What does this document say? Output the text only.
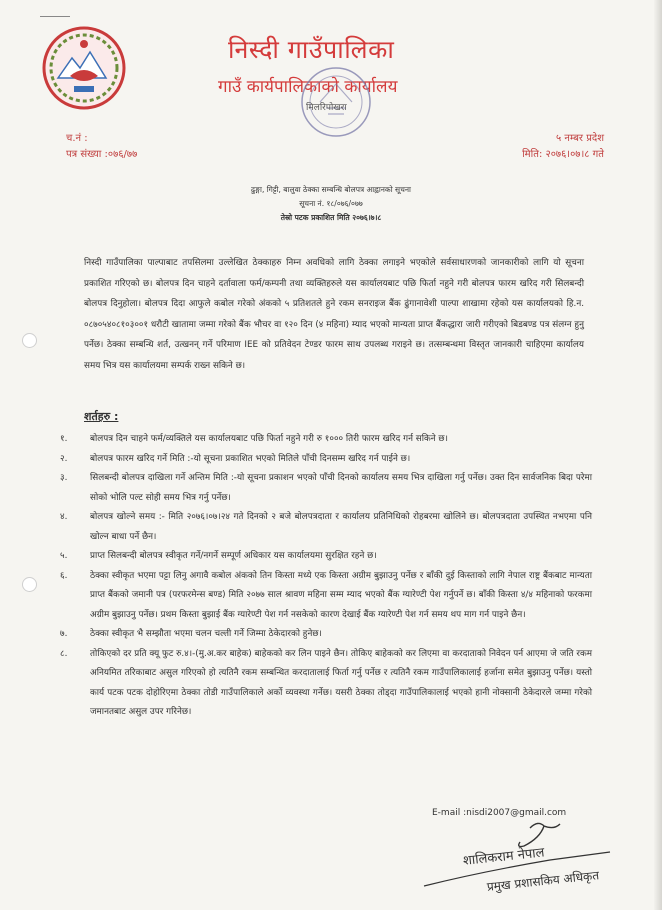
निस्दी गाउँपालिका
गाउँ कार्यपालिकाको कार्यालय
मिलरिपोखरा
च.नं :
पत्र संख्या :०७६/७७
५ नम्बर प्रदेश
मिति: २०७६।०७।८ गते
ढुङ्गा, गिट्टी, बालुवा ठेक्का सम्बन्धि बोलपत्र आह्वानको सूचना
सूचना नं. १८/०७६/०७७
तेस्रो पटक प्रकाशित मिति २०७६।७।८
निस्दी गाउँपालिका पाल्पाबाट तपसिलमा उल्लेखित ठेक्काहरु निम्न अवधिको लागि ठेक्का लगाइने भएकोले सर्वसाधारणको जानकारीको लागि यो सूचना प्रकाशित गरिएको छ। बोलपत्र दिन चाहने दर्तावाला फर्म/कम्पनी तथा व्यक्तिहरुले यस कार्यालयबाट पछि फिर्ता नहुने गरी बोलपत्र फारम खरिद गरी सिलबन्दी बोलपत्र दिनुहोला। बोलपत्र दिदा आफुले कबोल गरेको अंकको ५ प्रतिशतले हुने रकम सनराइज बैंक ढुंगानावेशी पाल्पा शाखामा रहेको यस कार्यालयको हि.न. ०८७०५४०८१०३००१ धरौटी खातामा जम्मा गरेको बैंक भौचर वा १२० दिन (४ महिना) म्याद भएको मान्यता प्राप्त बैंकद्धारा जारी गरीएको बिडबण्ड पत्र संलग्न हुनु पर्नेछ। ठेक्का सम्बन्धि शर्त, उत्खनन् गर्ने परिमाण IEE को प्रतिवेदन टेण्डर फारम साथ उपलब्ध गराइने छ। तत्सम्बन्धमा विस्तृत जानकारी चाहिएमा कार्यालय समय भित्र यस कार्यालयमा सम्पर्क राख्न सकिने छ।
शर्तहरु :
१.	बोलपत्र दिन चाहने फर्म/व्यक्तिले यस कार्यालयबाट पछि फिर्ता नहुने गरी रु १००० तिरी फारम खरिद गर्न सकिने छ।
२.	बोलपत्र फारम खरिद गर्ने मिति :-यो सूचना प्रकाशित भएको मितिले पाँची दिनसम्म खरिद गर्न पाईने छ।
३.	सिलबन्दी बोलपत्र दाखिला गर्ने अन्तिम मिति :-यो सूचना प्रकाशन भएको पाँची दिनको कार्यालय समय भित्र दाखिला गर्नु पर्नेछ। उक्त दिन सार्वजनिक बिदा परेमा सोको भोलि पल्ट सोही समय भित्र गर्नु पर्नेछ।
४.	बोलपत्र खोल्ने समय :- मिति २०७६।०७।२४ गते दिनको २ बजे बोलपत्रदाता र कार्यालय प्रतिनिधिको रोहबरमा खोलिने छ। बोलपत्रदाता उपस्थित नभएमा पनि खोल्न बाधा पर्ने छैन।
५.	प्राप्त सिलबन्दी बोलपत्र स्वीकृत गर्ने/नगर्ने सम्पूर्ण अधिकार यस कार्यालयमा सुरक्षित रहने छ।
६.	ठेक्का स्वीकृत भएमा पट्टा लिनु अगावै कबोल अंकको तिन किस्ता मध्ये एक किस्ता अग्रीम बुझाउनु पर्नेछ र बाँकी दुई किस्ताको लागि नेपाल राष्ट्र बैंकबाट मान्यता प्राप्त बैंकको जमानी पत्र (परफरमेन्स बण्ड) मिति २०७७ साल श्रावण महिना सम्म म्याद भएको बैंक ग्यारेण्टी पेश गर्नुपर्ने छ। बाँकी किस्ता ४/४ महिनाको फरकमा अग्रीम बुझाउनु पर्नेछ। प्रथम किस्ता बुझाई बैंक ग्यारेण्टी पेश गर्न नसकेको कारण देखाई बैंक ग्यारेण्टी पेश गर्न समय थप माग गर्न पाइने छैन।
७.	ठेक्का स्वीकृत भै सम्झौता भएमा चलन चल्ती गर्ने जिम्मा ठेकेदारको हुनेछ।
८.	तोकिएको दर प्रति क्यू फुट रु.४।-(मु.अ.कर बाहेक) बाहेकको कर लिन पाइने छैन। तोकिए बाहेकको कर लिएमा वा करदाताको निवेदन पर्न आएमा जे जति रकम अनियमित तरिकाबाट असुल गरिएको हो त्यतिनै रकम सम्बन्धित करदातालाई फिर्ता गर्नु पर्नेछ र त्यतिनै रकम गाउँपालिकालाई हर्जाना समेत बुझाउनु पर्नेछ। यस्तो कार्य पटक पटक दोहोरिएमा ठेक्का तोडी गाउँपालिकाले अर्को व्यवस्था गर्नेछ। यसरी ठेक्का तोड्दा गाउँपालिकालाई भएको हानी नोक्सानी ठेकेदारले जम्मा गरेको जमानतबाट असुल उपर गरिनेछ।
E-mail :nisdi2007@gmail.com
शालिकराम नेपाल
प्रमुख प्रशासकिय अधिकृत
